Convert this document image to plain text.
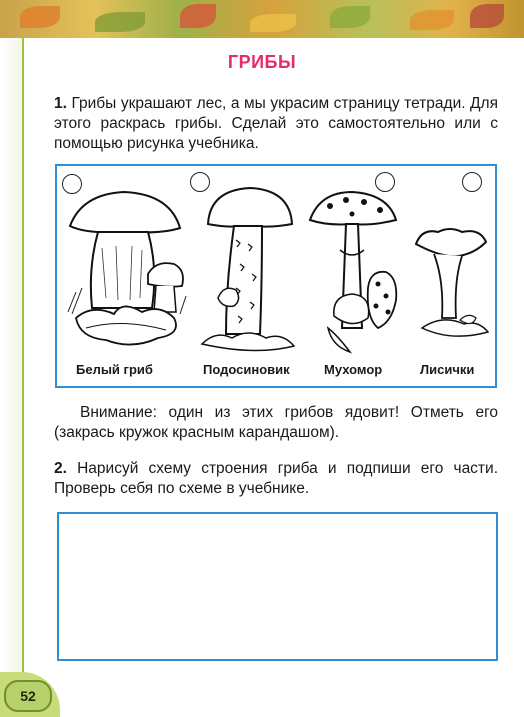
ГРИБЫ

1. Грибы украшают лес, а мы украсим страницу тетради. Для этого раскрась грибы. Сделай это самостоятельно или с помощью рисунка учебника.

Белый гриб	Подосиновик	Мухомор	Лисички

Внимание: один из этих грибов ядовит! Отметь его (закрась кружок красным карандашом).

2. Нарисуй схему строения гриба и подпиши его части. Проверь себя по схеме в учебнике.

52
